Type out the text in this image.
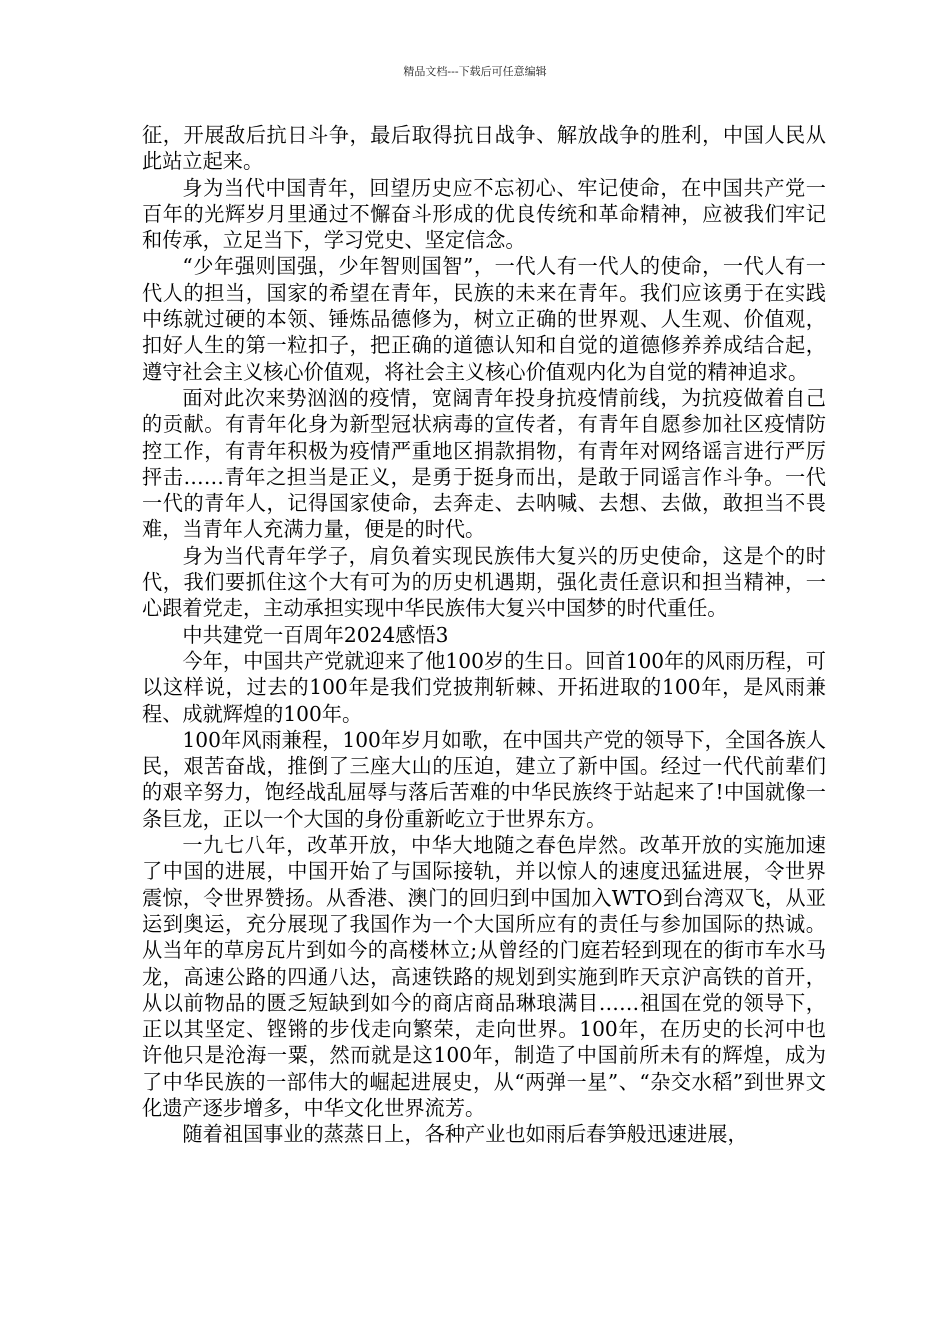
精品文档---下载后可任意编辑

征，开展敌后抗日斗争，最后取得抗日战争、解放战争的胜利，中国人民从此站立起来。

身为当代中国青年，回望历史应不忘初心、牢记使命，在中国共产党一百年的光辉岁月里通过不懈奋斗形成的优良传统和革命精神，应被我们牢记和传承，立足当下，学习党史、坚定信念。

“少年强则国强，少年智则国智”，一代人有一代人的使命，一代人有一代人的担当，国家的希望在青年，民族的未来在青年。我们应该勇于在实践中练就过硬的本领、锤炼品德修为，树立正确的世界观、人生观、价值观，扣好人生的第一粒扣子，把正确的道德认知和自觉的道德修养养成结合起，遵守社会主义核心价值观，将社会主义核心价值观内化为自觉的精神追求。

面对此次来势汹汹的疫情，宽阔青年投身抗疫情前线，为抗疫做着自己的贡献。有青年化身为新型冠状病毒的宣传者，有青年自愿参加社区疫情防控工作，有青年积极为疫情严重地区捐款捐物，有青年对网络谣言进行严厉抨击……青年之担当是正义，是勇于挺身而出，是敢于同谣言作斗争。一代一代的青年人，记得国家使命，去奔走、去呐喊、去想、去做，敢担当不畏难，当青年人充满力量，便是的时代。

身为当代青年学子，肩负着实现民族伟大复兴的历史使命，这是个的时代，我们要抓住这个大有可为的历史机遇期，强化责任意识和担当精神，一心跟着党走，主动承担实现中华民族伟大复兴中国梦的时代重任。

中共建党一百周年2024感悟3

今年，中国共产党就迎来了他100岁的生日。回首100年的风雨历程，可以这样说，过去的100年是我们党披荆斩棘、开拓进取的100年，是风雨兼程、成就辉煌的100年。

100年风雨兼程，100年岁月如歌，在中国共产党的领导下，全国各族人民，艰苦奋战，推倒了三座大山的压迫，建立了新中国。经过一代代前辈们的艰辛努力，饱经战乱屈辱与落后苦难的中华民族终于站起来了!中国就像一条巨龙，正以一个大国的身份重新屹立于世界东方。

一九七八年，改革开放，中华大地随之春色岸然。改革开放的实施加速了中国的进展，中国开始了与国际接轨，并以惊人的速度迅猛进展，令世界震惊，令世界赞扬。从香港、澳门的回归到中国加入WTO到台湾双飞，从亚运到奥运，充分展现了我国作为一个大国所应有的责任与参加国际的热诚。从当年的草房瓦片到如今的高楼林立;从曾经的门庭若轻到现在的街市车水马龙，高速公路的四通八达，高速铁路的规划到实施到昨天京沪高铁的首开，从以前物品的匮乏短缺到如今的商店商品琳琅满目……祖国在党的领导下，正以其坚定、铿锵的步伐走向繁荣，走向世界。100年，在历史的长河中也许他只是沧海一粟，然而就是这100年，制造了中国前所未有的辉煌，成为了中华民族的一部伟大的崛起进展史，从“两弹一星”、“杂交水稻”到世界文化遗产逐步增多，中华文化世界流芳。

随着祖国事业的蒸蒸日上，各种产业也如雨后春笋般迅速进展，
